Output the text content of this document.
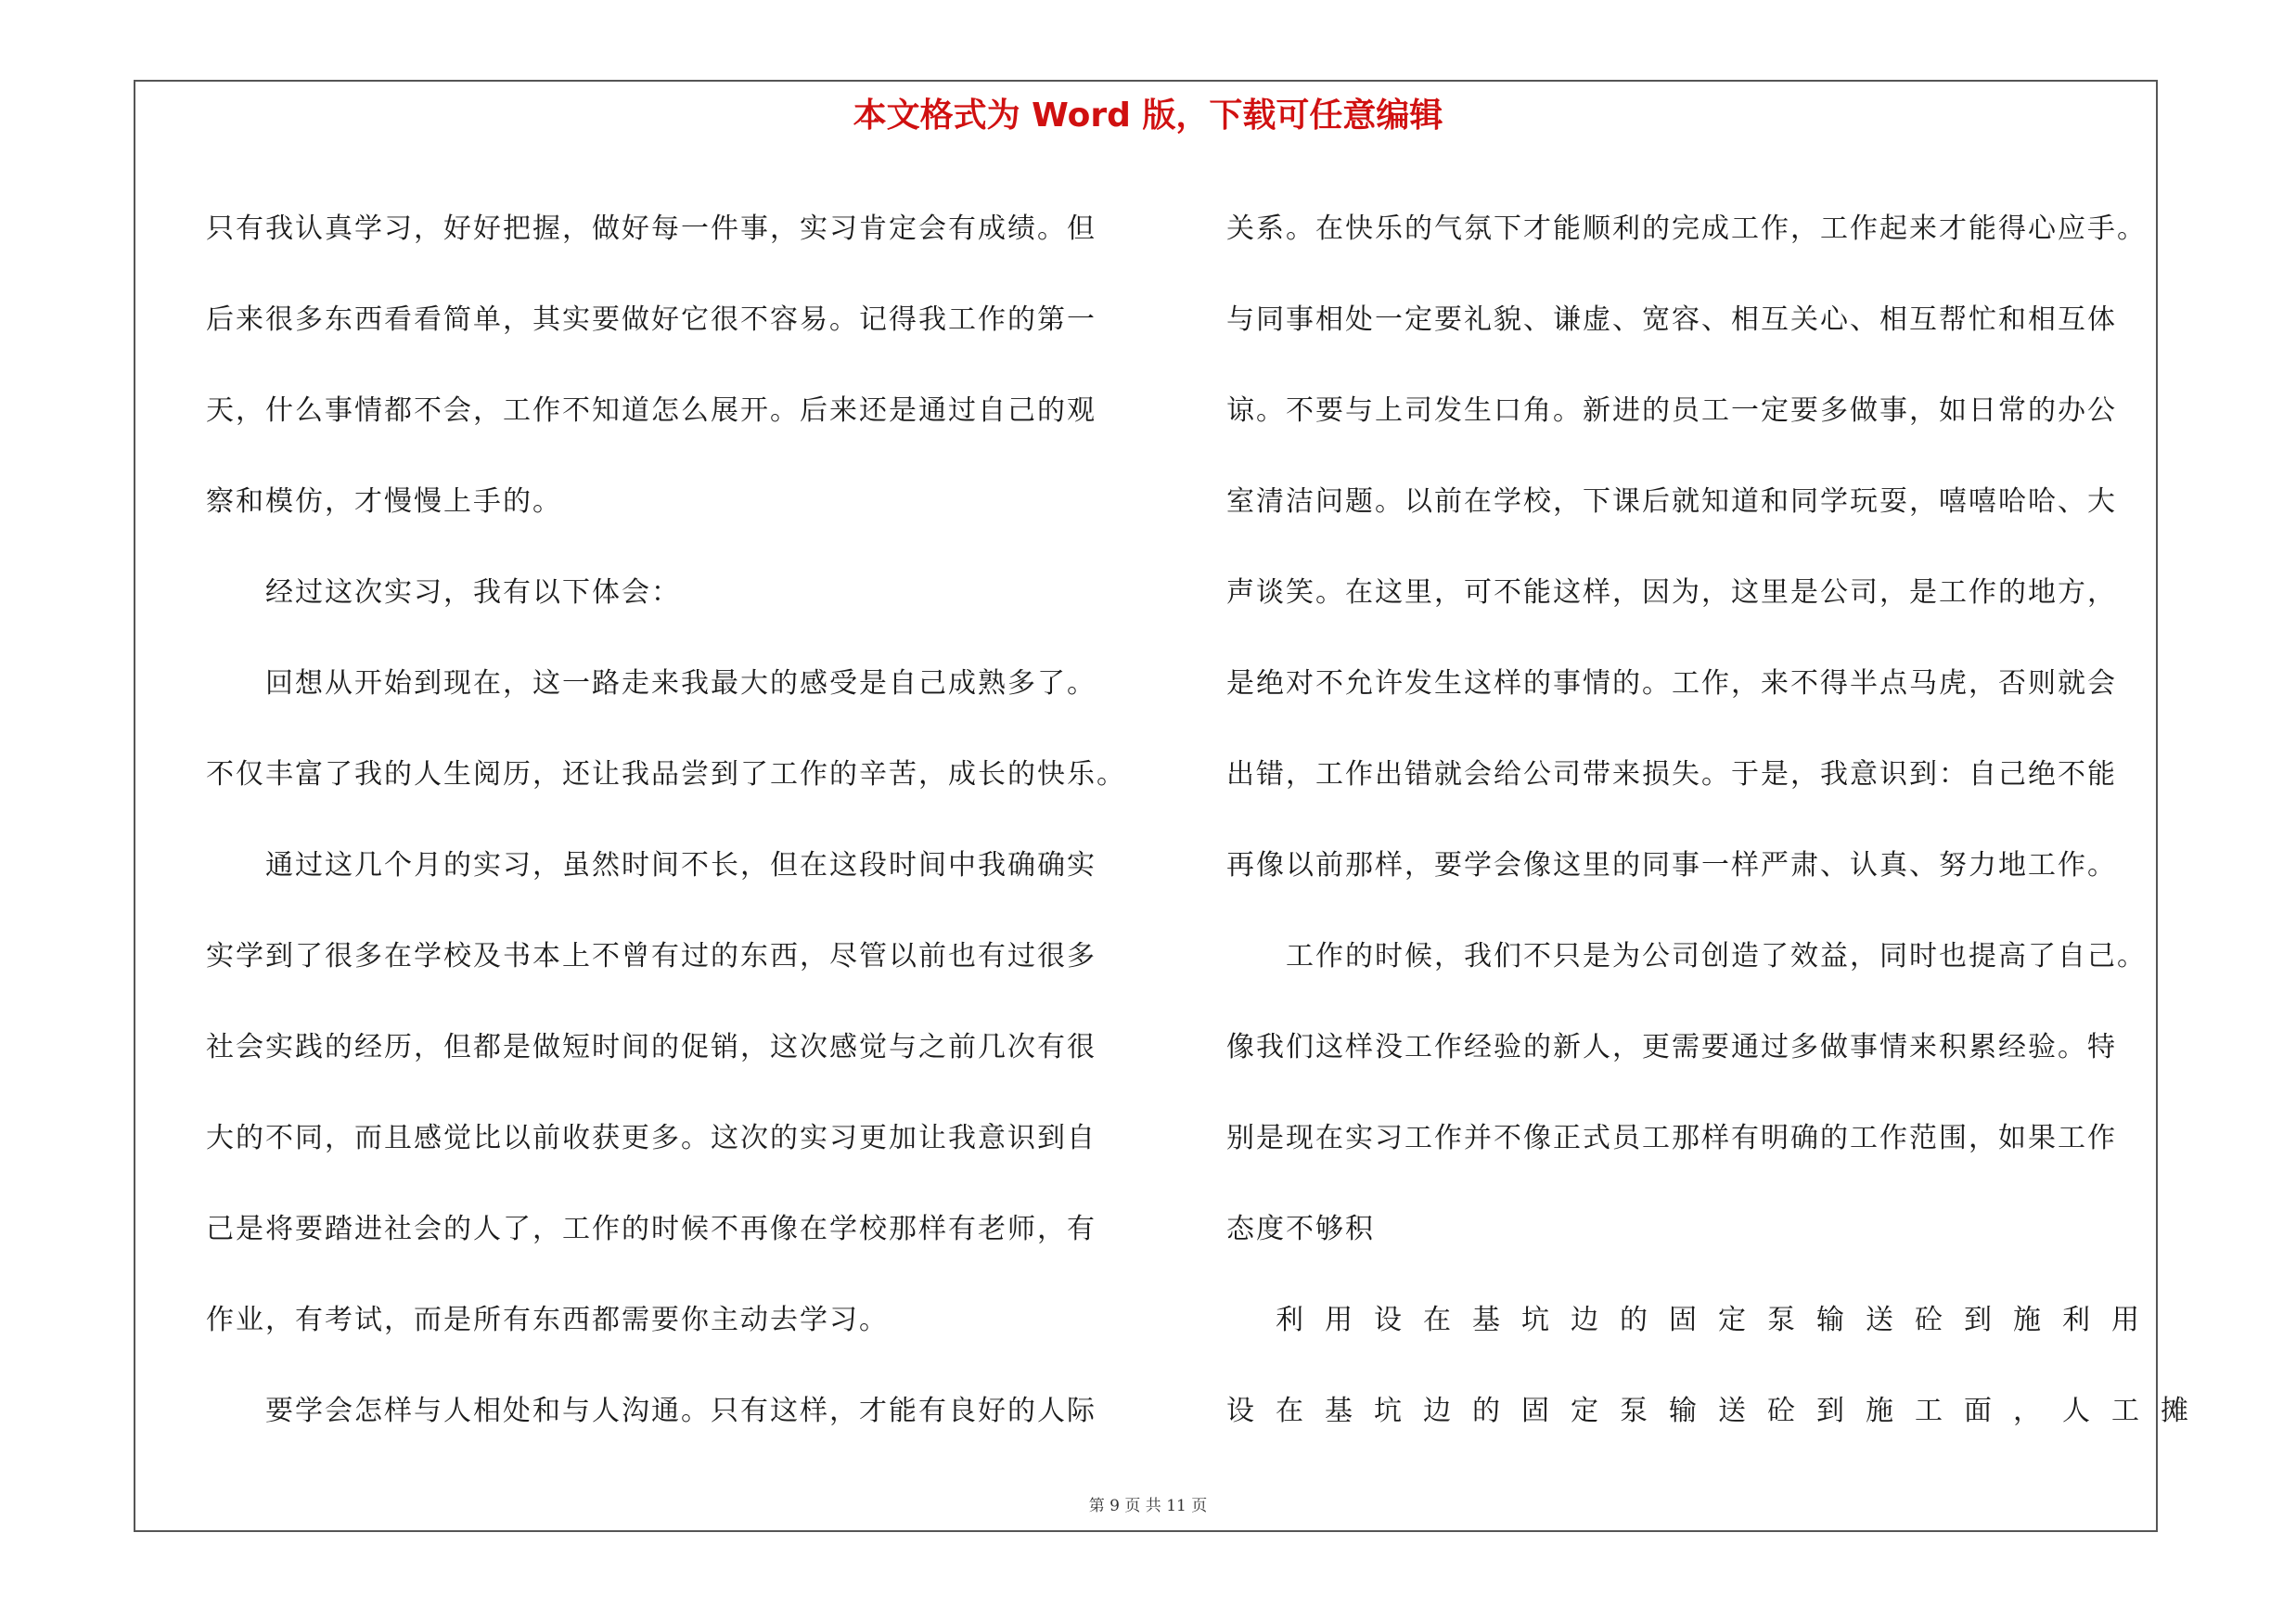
本文格式为 Word 版，下载可任意编辑
只有我认真学习，好好把握，做好每一件事，实习肯定会有成绩。但
后来很多东西看看简单，其实要做好它很不容易。记得我工作的第一
天，什么事情都不会，工作不知道怎么展开。后来还是通过自己的观
察和模仿，才慢慢上手的。
　　经过这次实习，我有以下体会：
　　回想从开始到现在，这一路走来我最大的感受是自己成熟多了。
不仅丰富了我的人生阅历，还让我品尝到了工作的辛苦，成长的快乐。
　　通过这几个月的实习，虽然时间不长，但在这段时间中我确确实
实学到了很多在学校及书本上不曾有过的东西，尽管以前也有过很多
社会实践的经历，但都是做短时间的促销，这次感觉与之前几次有很
大的不同，而且感觉比以前收获更多。这次的实习更加让我意识到自
己是将要踏进社会的人了，工作的时候不再像在学校那样有老师，有
作业，有考试，而是所有东西都需要你主动去学习。
　　要学会怎样与人相处和与人沟通。只有这样，才能有良好的人际
关系。在快乐的气氛下才能顺利的完成工作，工作起来才能得心应手。
与同事相处一定要礼貌、谦虚、宽容、相互关心、相互帮忙和相互体
谅。不要与上司发生口角。新进的员工一定要多做事，如日常的办公
室清洁问题。以前在学校，下课后就知道和同学玩耍，嘻嘻哈哈、大
声谈笑。在这里，可不能这样，因为，这里是公司，是工作的地方，
是绝对不允许发生这样的事情的。工作，来不得半点马虎，否则就会
出错，工作出错就会给公司带来损失。于是，我意识到：自己绝不能
再像以前那样，要学会像这里的同事一样严肃、认真、努力地工作。
　　工作的时候，我们不只是为公司创造了效益，同时也提高了自己。
像我们这样没工作经验的新人，更需要通过多做事情来积累经验。特
别是现在实习工作并不像正式员工那样有明确的工作范围，如果工作
态度不够积
　利用设在基坑边的固定泵输送砼到施利用
设在基坑边的固定泵输送砼到施工面，人工摊
第 9 页 共 11 页
